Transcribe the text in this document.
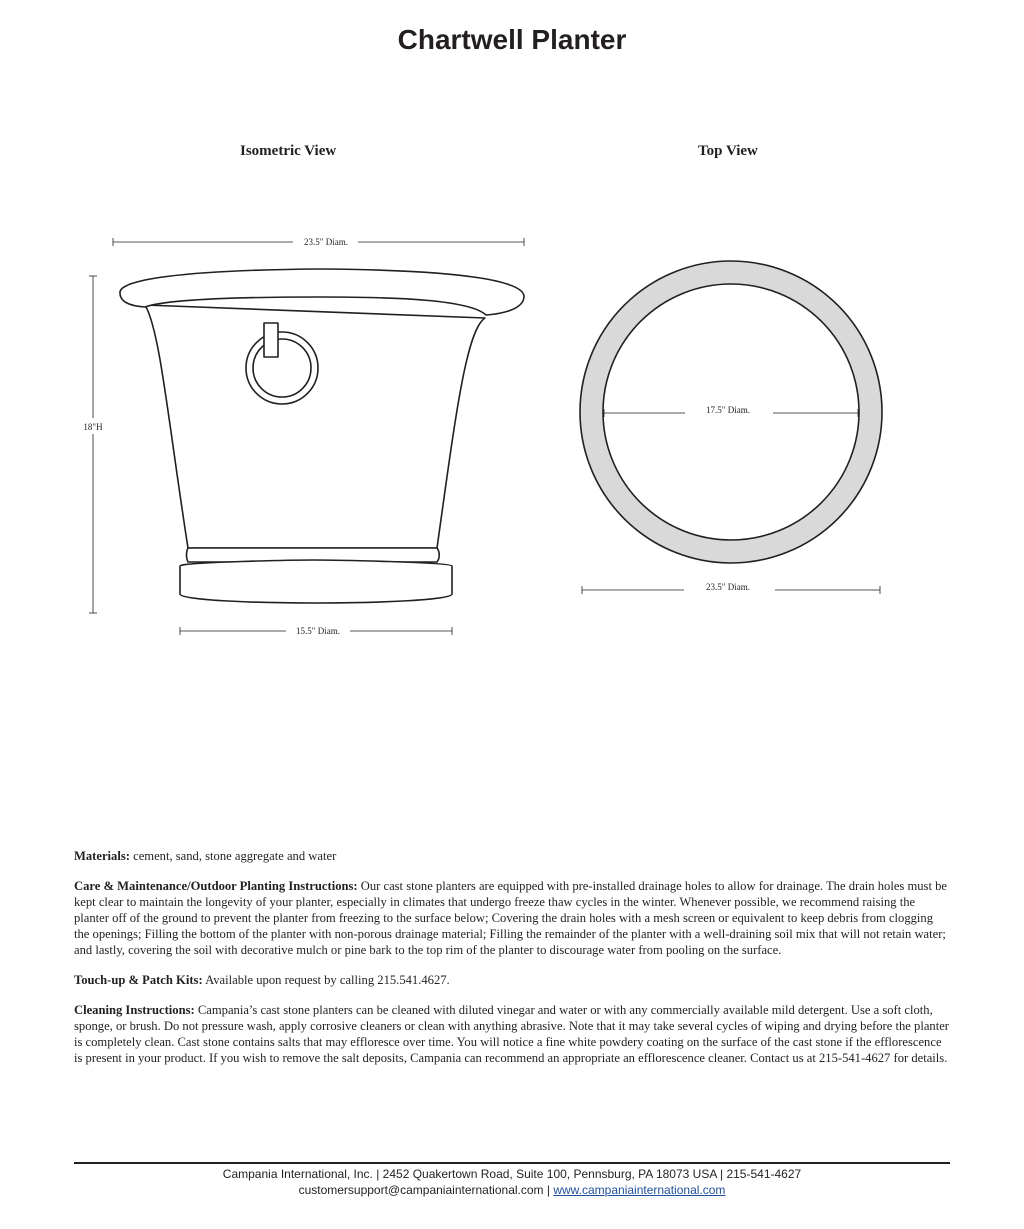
Chartwell Planter
Isometric View	Top View
23.5" Diam.
18"H
15.5" Diam.
17.5" Diam.
23.5" Diam.

Materials: cement, sand, stone aggregate and water

Care & Maintenance/Outdoor Planting Instructions: Our cast stone planters are equipped with pre-installed drainage holes to allow for drainage. The drain holes must be kept clear to maintain the longevity of your planter, especially in climates that undergo freeze thaw cycles in the winter. Whenever possible, we recommend raising the planter off of the ground to prevent the planter from freezing to the surface below; Covering the drain holes with a mesh screen or equivalent to keep debris from clogging the openings; Filling the bottom of the planter with non-porous drainage material; Filling the remainder of the planter with a well-draining soil mix that will not retain water; and lastly, covering the soil with decorative mulch or pine bark to the top rim of the planter to discourage water from pooling on the surface.

Touch-up & Patch Kits: Available upon request by calling 215.541.4627.

Cleaning Instructions: Campania’s cast stone planters can be cleaned with diluted vinegar and water or with any commercially available mild detergent. Use a soft cloth, sponge, or brush. Do not pressure wash, apply corrosive cleaners or clean with anything abrasive. Note that it may take several cycles of wiping and drying before the planter is completely clean. Cast stone contains salts that may effloresce over time. You will notice a fine white powdery coating on the surface of the cast stone if the efflorescence is present in your product. If you wish to remove the salt deposits, Campania can recommend an appropriate an efflorescence cleaner. Contact us at 215-541-4627 for details.

Campania International, Inc. | 2452 Quakertown Road, Suite 100, Pennsburg, PA 18073 USA | 215-541-4627
customersupport@campaniainternational.com | www.campaniainternational.com
